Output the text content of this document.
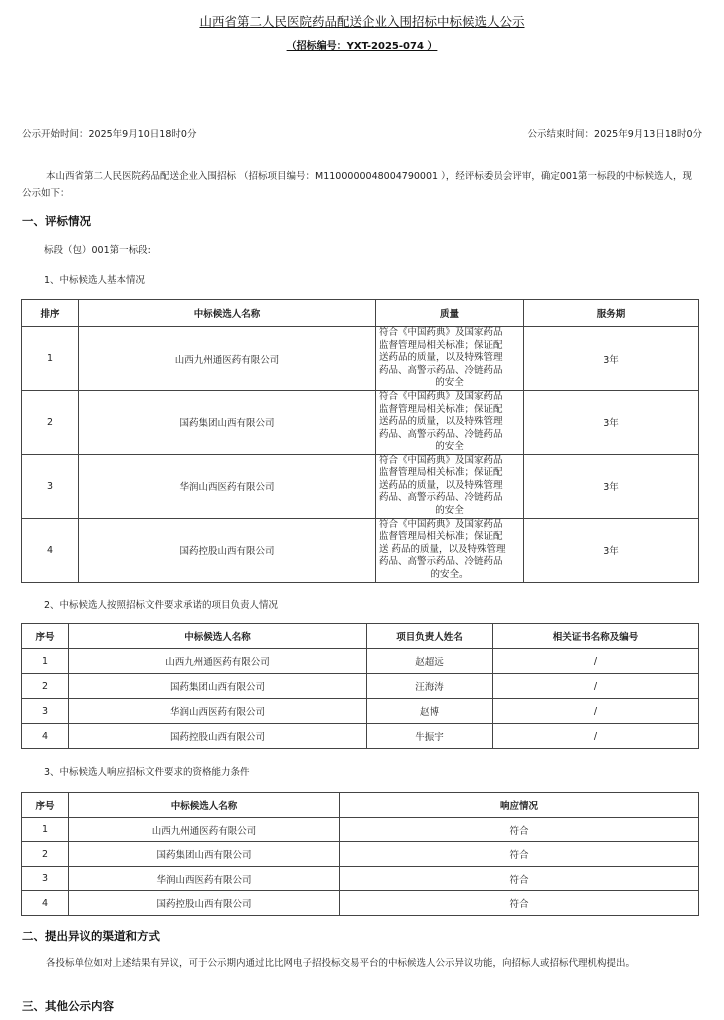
山西省第二人民医院药品配送企业入围招标中标候选人公示
（招标编号：YXT-2025-074 ）
公示开始时间：2025年9月10日18时0分	公示结束时间：2025年9月13日18时0分
本山西省第二人民医院药品配送企业入围招标 （招标项目编号：M1100000048004790001 ），经评标委员会评审，确定001第一标段的中标候选人，现公示如下：
一、评标情况
标段（包）001第一标段:
1、中标候选人基本情况
排序	中标候选人名称	质量	服务期
1	山西九州通医药有限公司	符合《中国药典》及国家药品
监督管理局相关标准；保证配
送药品的质量，以及特殊管理
药品、高警示药品、冷链药品
的安全	3年
2	国药集团山西有限公司	符合《中国药典》及国家药品
监督管理局相关标准；保证配
送药品的质量，以及特殊管理
药品、高警示药品、冷链药品
的安全	3年
3	华润山西医药有限公司	符合《中国药典》及国家药品
监督管理局相关标准；保证配
送药品的质量，以及特殊管理
药品、高警示药品、冷链药品
的安全	3年
4	国药控股山西有限公司	符合《中国药典》及国家药品
监督管理局相关标准；保证配
送 药品的质量，以及特殊管理
药品、高警示药品、冷链药品
的安全。	3年
2、中标候选人按照招标文件要求承诺的项目负责人情况
序号	中标候选人名称	项目负责人姓名	相关证书名称及编号
1	山西九州通医药有限公司	赵超远	/
2	国药集团山西有限公司	汪海涛	/
3	华润山西医药有限公司	赵博	/
4	国药控股山西有限公司	牛振宇	/
3、中标候选人响应招标文件要求的资格能力条件
序号	中标候选人名称	响应情况
1	山西九州通医药有限公司	符合
2	国药集团山西有限公司	符合
3	华润山西医药有限公司	符合
4	国药控股山西有限公司	符合
二、提出异议的渠道和方式
各投标单位如对上述结果有异议，可于公示期内通过比比网电子招投标交易平台的中标候选人公示异议功能，向招标人或招标代理机构提出。
三、其他公示内容
